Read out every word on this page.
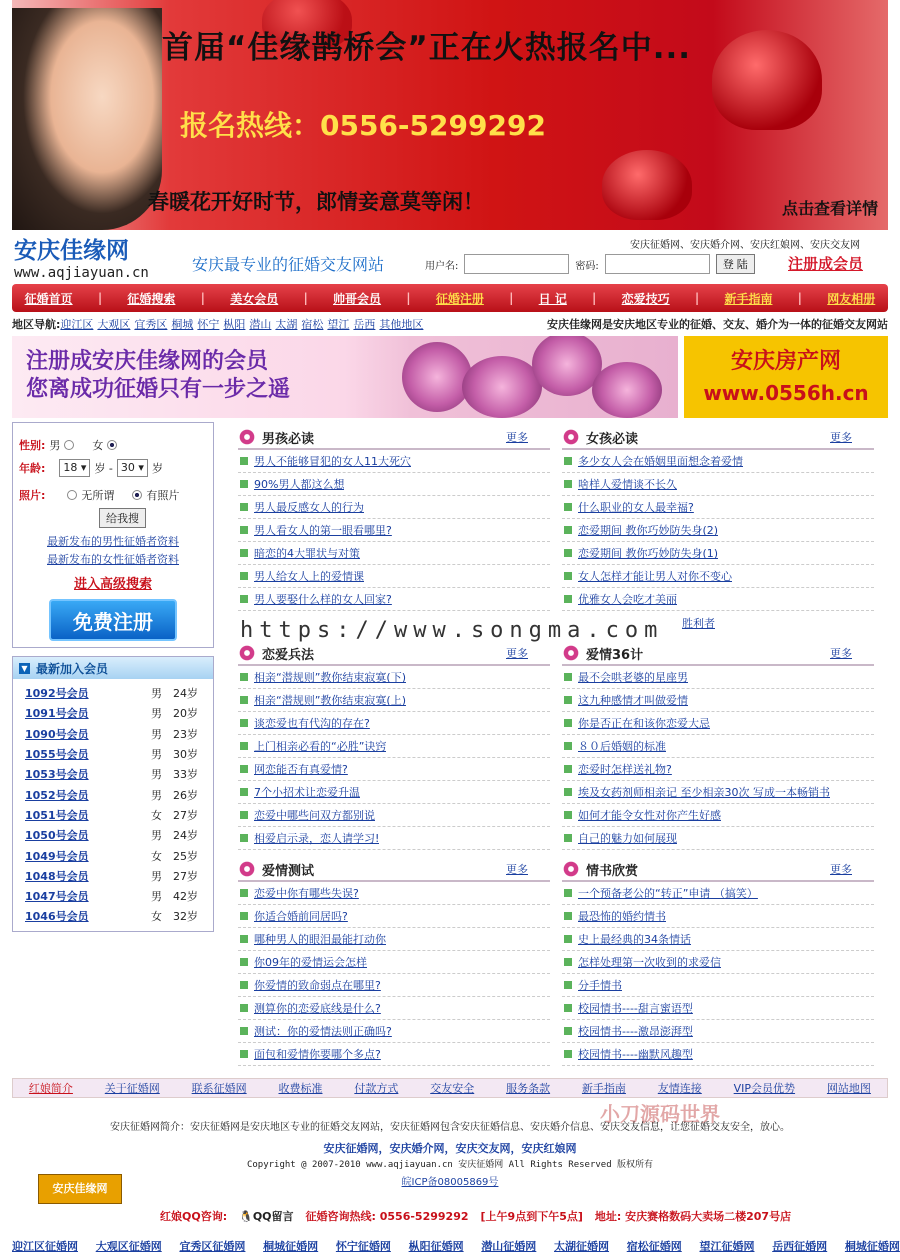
首届“佳缘鹊桥会”正在火热报名中...
报名热线：0556-5299292
春暖花开好时节，郎情妾意莫等闲！	点击查看详情
安庆佳缘网
www.aqjiayuan.cn	安庆最专业的征婚交友网站
安庆征婚网、安庆婚介网、安庆红娘网、安庆交友网
用户名:	密码:	登 陆	注册成会员
征婚首页 | 征婚搜索 | 美女会员 | 帅哥会员 | 征婚注册 | 日 记 | 恋爱技巧 | 新手指南 | 网友相册
地区导航: 迎江区 大观区 宜秀区 桐城 怀宁 枞阳 潜山 太湖 宿松 望江 岳西 其他地区	安庆佳缘网是安庆地区专业的征婚、交友、婚介为一体的征婚交友网站
注册成安庆佳缘网的会员
您离成功征婚只有一步之遥
安庆房产网
www.0556h.cn
性别: 男	女
年龄:	18 ▾ 岁 - 30 ▾ 岁
照片:	无所谓	有照片
给我搜
最新发布的男性征婚者资料
最新发布的女性征婚者资料
进入高级搜索
免费注册	https://www.songma.com
▼ 最新加入会员
1092号会员	男	24岁
1091号会员	男	20岁
1090号会员	男	23岁
1055号会员	男	30岁
1053号会员	男	33岁
1052号会员	男	26岁
1051号会员	女	27岁
1050号会员	男	24岁
1049号会员	女	25岁
1048号会员	男	27岁
1047号会员	男	42岁
1046号会员	女	32岁
男孩必读	更多
男人不能够冒犯的女人11大死穴
90%男人都这么想
男人最反感女人的行为
男人看女人的第一眼看哪里?
暗恋的4大罪状与对策
男人给女人上的爱情课
男人要娶什么样的女人回家?
女孩必读	更多
多少女人会在婚姻里面想念着爱情
啥样人爱情谈不长久
什么职业的女人最幸福?
恋爱期间 教你巧妙防失身(2)
恋爱期间 教你巧妙防失身(1)
女人怎样才能让男人对你不变心
优雅女人会吃才美丽
胜利者
恋爱兵法	更多
相亲“潜规则”教你结束寂寞(下)
相亲“潜规则”教你结束寂寞(上)
谈恋爱也有代沟的存在?
上门相亲必看的“必胜”诀窍
网恋能否有真爱情?
7个小招术让恋爱升温
恋爱中哪些问双方都别说
相爱启示录，恋人请学习!
爱情36计	更多
最不会哄老婆的星座男
这九种感情才叫做爱情
你是否正在和该你恋爱大忌
８０后婚姻的标准
恋爱时怎样送礼物?
埃及女药剂师相亲记 至少相亲30次 写成一本畅销书
如何才能令女性对你产生好感
自己的魅力如何展现
爱情测试	更多
恋爱中你有哪些失误?
你适合婚前同居吗?
哪种男人的眼泪最能打动你
你09年的爱情运会怎样
你爱情的致命弱点在哪里?
测算你的恋爱底线是什么?
测试：你的爱情法则正确吗?
面包和爱情你要哪个多点?
情书欣赏	更多
一个预备老公的“转正”申请 （搞笑）
最恐怖的婚约情书
史上最经典的34条情话
怎样处理第一次收到的求爱信
分手情书
校园情书----甜言蜜语型
校园情书----激昂澎湃型
校园情书----幽默风趣型
红娘简介	关于征婚网	联系征婚网	收费标准	付款方式	交友安全	服务条款	新手指南	友情连接	VIP会员优势	网站地图
小刀源码世界
安庆征婚网简介：安庆征婚网是安庆地区专业的征婚交友网站，安庆征婚网包含安庆征婚信息、安庆婚介信息、安庆交友信息，让您征婚交友安全，放心。
安庆征婚网，安庆婚介网，安庆交友网，安庆红娘网
Copyright @ 2007-2010 www.aqjiayuan.cn 安庆征婚网 All Rights Reserved 版权所有
皖ICP备08005869号
安庆佳缘网
红娘QQ咨询: 🐧QQ留言 征婚咨询热线: 0556-5299292 [上午9点到下午5点] 地址: 安庆赛格数码大卖场二楼207号店
迎江区征婚网 大观区征婚网 宜秀区征婚网 桐城征婚网 怀宁征婚网 枞阳征婚网 潜山征婚网 太湖征婚网 宿松征婚网 望江征婚网 岳西征婚网 桐城征婚网
